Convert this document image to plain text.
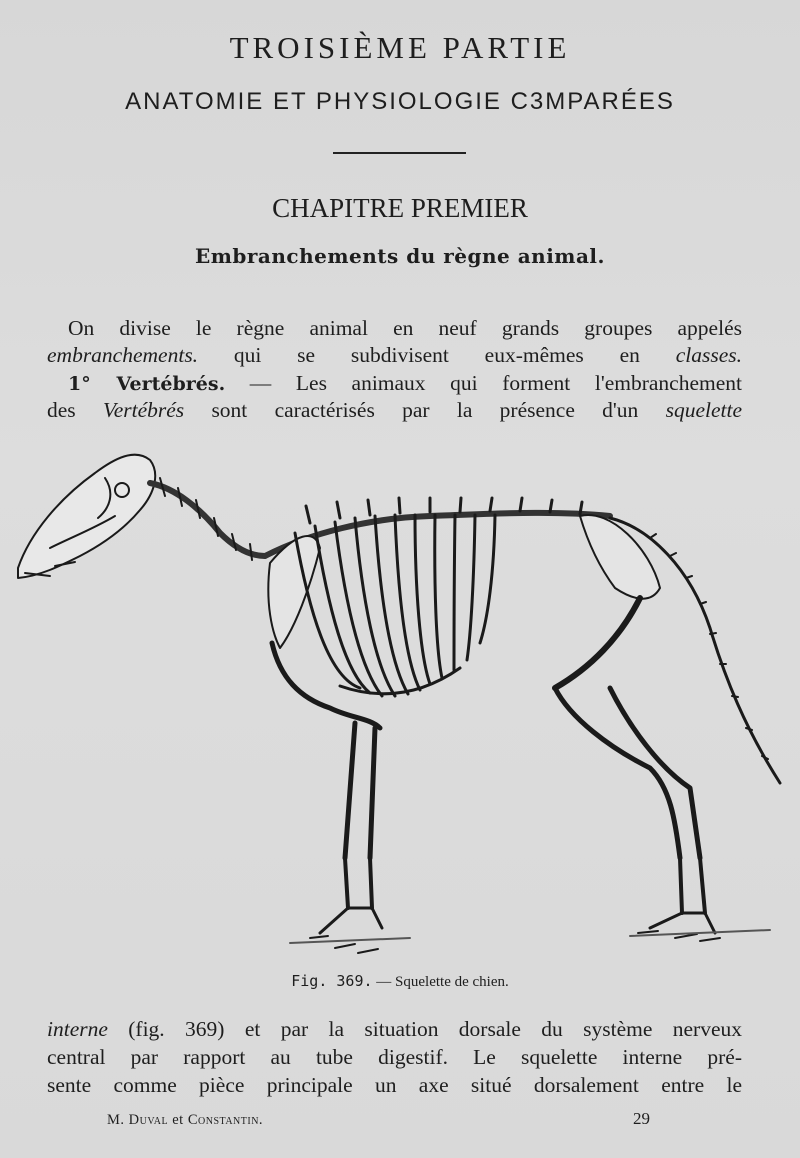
TROISIÈME PARTIE
ANATOMIE ET PHYSIOLOGIE C3MPARÉES
CHAPITRE PREMIER
Embranchements du règne animal.
On divise le règne animal en neuf grands groupes appelés
embranchements. qui se subdivisent eux-mêmes en classes.
1° Vertébrés. — Les animaux qui forment l'embranchement
des Vertébrés sont caractérisés par la présence d'un squelette
Fig. 369. — Squelette de chien.
interne (fig. 369) et par la situation dorsale du système nerveux
central par rapport au tube digestif. Le squelette interne pré-
sente comme pièce principale un axe situé dorsalement entre le
M. Duval et Constantin.	29
